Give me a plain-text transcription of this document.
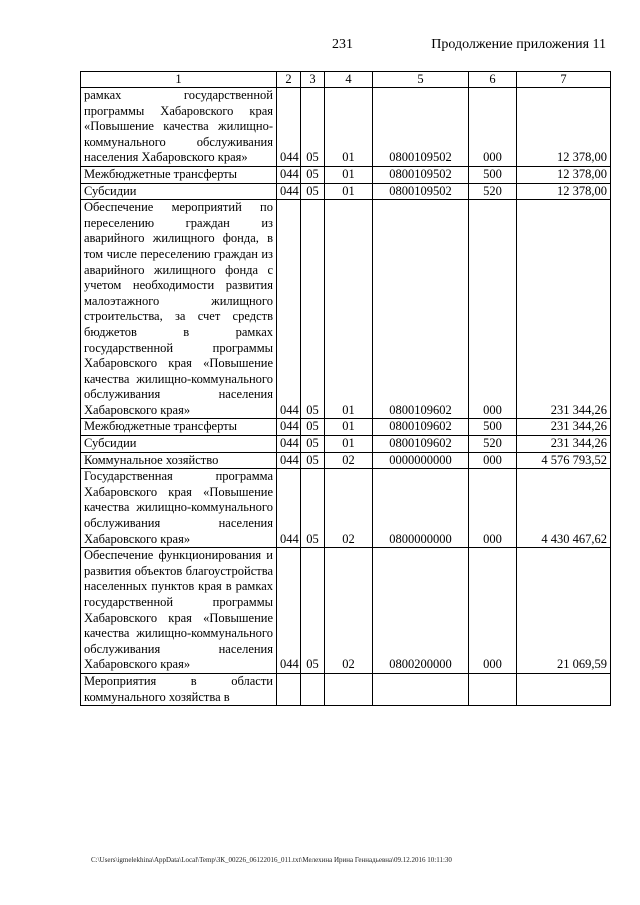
231	Продолжение приложения 11
1	2	3	4	5	6	7
рамках государственной программы Хабаровского края «Повышение качества жилищно-коммунального обслуживания населения Хабаровского края»	044	05	01	0800109502	000	12 378,00
Межбюджетные трансферты	044	05	01	0800109502	500	12 378,00
Субсидии	044	05	01	0800109502	520	12 378,00
Обеспечение мероприятий по переселению граждан из аварийного жилищного фонда, в том числе переселению граждан из аварийного жилищного фонда с учетом необходимости развития малоэтажного жилищного строительства, за счет средств бюджетов в рамках государственной программы Хабаровского края «Повышение качества жилищно-коммунального обслуживания населения Хабаровского края»	044	05	01	0800109602	000	231 344,26
Межбюджетные трансферты	044	05	01	0800109602	500	231 344,26
Субсидии	044	05	01	0800109602	520	231 344,26
Коммунальное хозяйство	044	05	02	0000000000	000	4 576 793,52
Государственная программа Хабаровского края «Повышение качества жилищно-коммунального обслуживания населения Хабаровского края»	044	05	02	0800000000	000	4 430 467,62
Обеспечение функционирования и развития объектов благоустройства населенных пунктов края в рамках государственной программы Хабаровского края «Повышение качества жилищно-коммунального обслуживания населения Хабаровского края»	044	05	02	0800200000	000	21 069,59
Мероприятия в области коммунального хозяйства в						
C:\Users\igmelekhina\AppData\Local\Temp\ЗК_00226_06122016_011.txt\Мелехина Ирина Геннадьевна\09.12.2016 10:11:30
